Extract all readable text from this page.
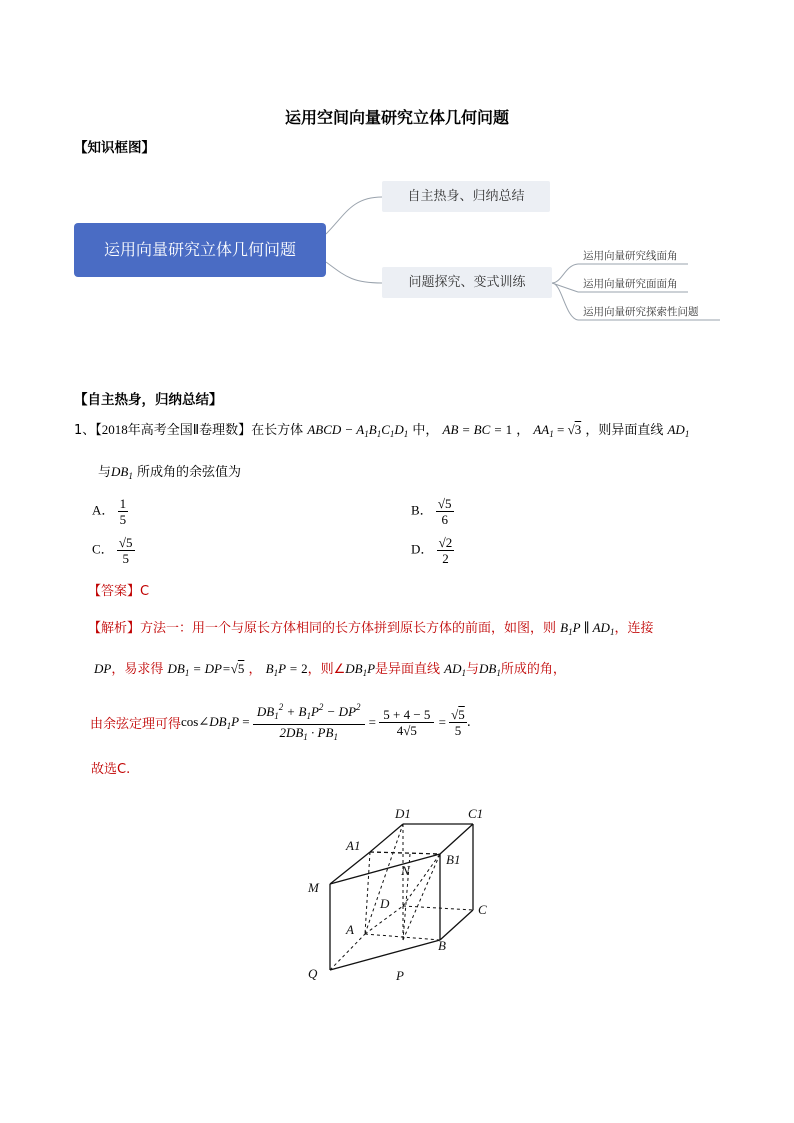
运用空间向量研究立体几何问题
【知识框图】
运用向量研究立体几何问题
自主热身、归纳总结
问题探究、变式训练
运用向量研究线面角
运用向量研究面面角
运用向量研究探索性问题
【自主热身，归纳总结】
1、【2018年高考全国Ⅱ卷理数】在长方体 ABCD − $A_1B_1C_1D_1$ 中， AB = BC = 1 ， $AA_1 = √3$ ，则异面直线 $AD_1$
与$DB_1$ 所成角的余弦值为
A． $\frac{1}{5}$	B． $\frac{√5}{6}$
C． $\frac{√5}{5}$	D． $\frac{√2}{2}$
【答案】C
【解析】方法一：用一个与原长方体相同的长方体拼到原长方体的前面，如图，则 $B_1P$ ∥ $AD_1$，连接
DP，易求得 $DB_1 = DP=√5$ ， $B_1P = 2$，则$\angle DB_1P$是异面直线 $AD_1$与$DB_1$所成的角，
由余弦定理可得$\cos\angle DB_1P = \frac{DB_1^2 + B_1P^2 - DP^2}{2DB_1 \cdot PB_1} = \frac{5 + 4 - 5}{4√5} = \frac{√5}{5}$ .
故选C.
D1	C1
A1
N
B1
M
D	C
A
B
Q	P
